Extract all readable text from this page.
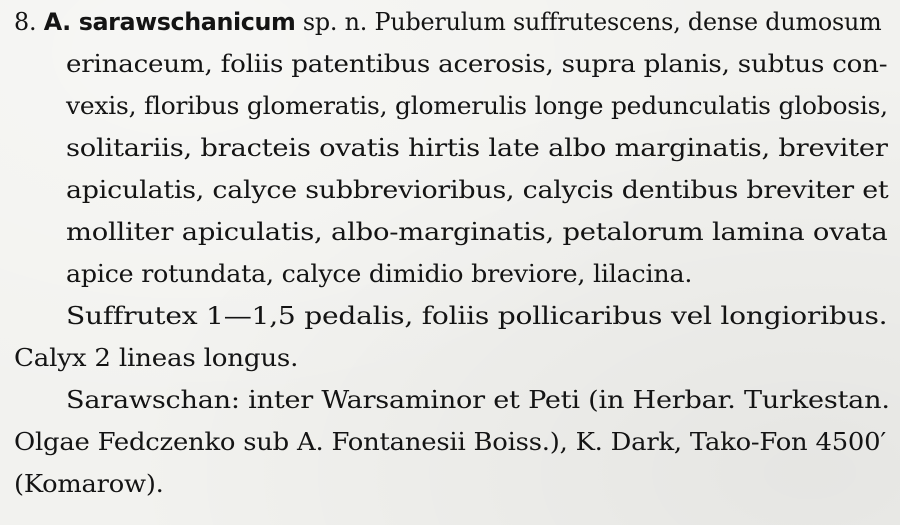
8. A. sarawschanicum sp. n. Puberulum suffrutescens, dense dumosum
erinaceum, foliis patentibus acerosis, supra planis, subtus con-
vexis, floribus glomeratis, glomerulis longe pedunculatis globosis,
solitariis, bracteis ovatis hirtis late albo marginatis, breviter
apiculatis, calyce subbrevioribus, calycis dentibus breviter et
molliter apiculatis, albo-marginatis, petalorum lamina ovata
apice rotundata, calyce dimidio breviore, lilacina.
Suffrutex 1—1,5 pedalis, foliis pollicaribus vel longioribus.
Calyx 2 lineas longus.
Sarawschan: inter Warsaminor et Peti (in Herbar. Turkestan.
Olgae Fedczenko sub A. Fontanesii Boiss.), K. Dark, Tako-Fon 4500′
(Komarow).
